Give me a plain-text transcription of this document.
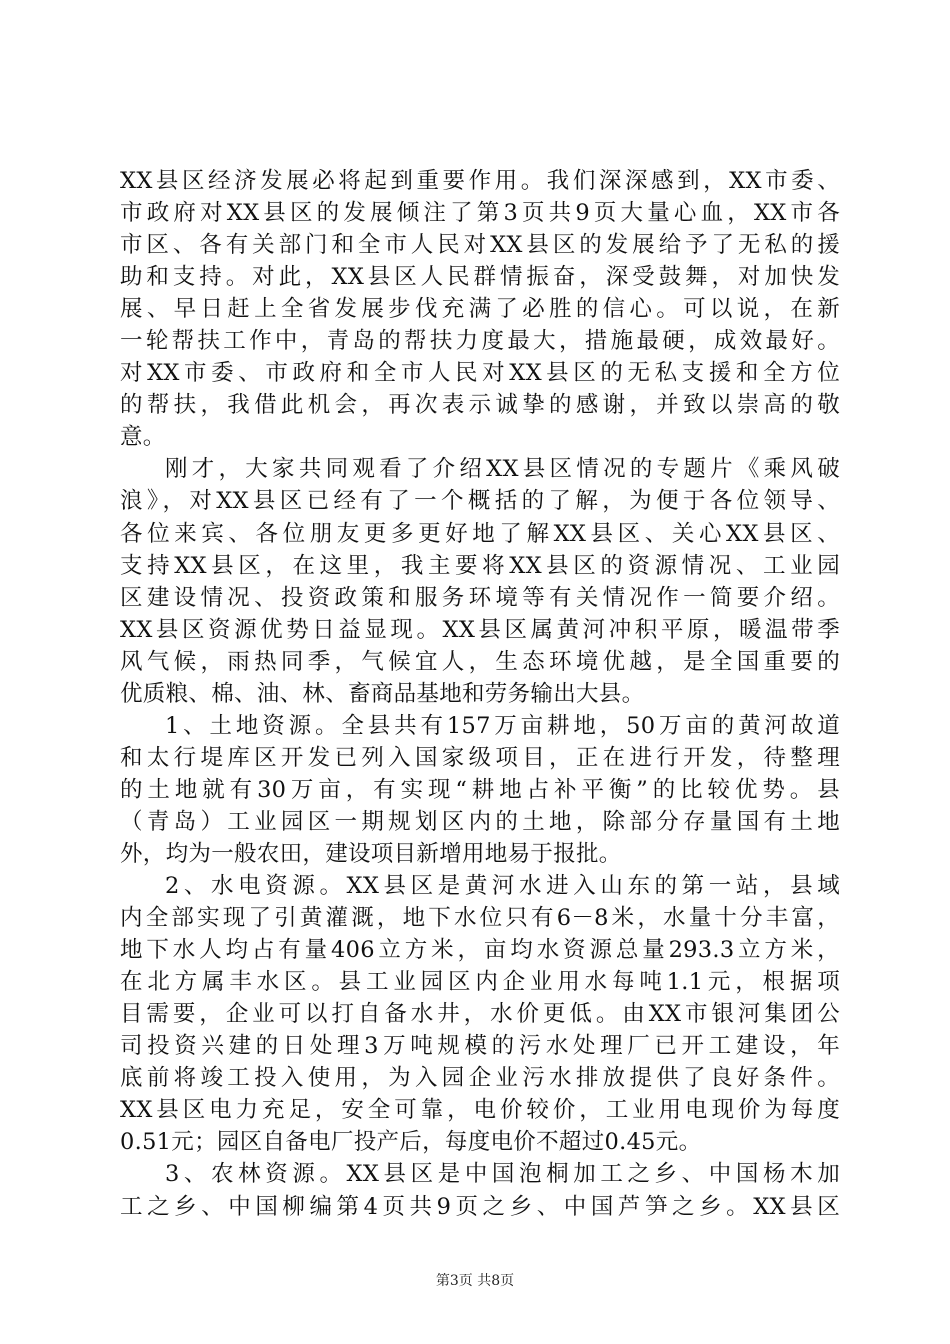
XX县区经济发展必将起到重要作用。我们深深感到，XX市委、
市政府对XX县区的发展倾注了第3页共9页大量心血，XX市各
市区、各有关部门和全市人民对XX县区的发展给予了无私的援
助和支持。对此，XX县区人民群情振奋，深受鼓舞，对加快发
展、早日赶上全省发展步伐充满了必胜的信心。可以说，在新
一轮帮扶工作中，青岛的帮扶力度最大，措施最硬，成效最好。
对XX市委、市政府和全市人民对XX县区的无私支援和全方位
的帮扶，我借此机会，再次表示诚挚的感谢，并致以崇高的敬
意。
刚才，大家共同观看了介绍XX县区情况的专题片《乘风破
浪》，对XX县区已经有了一个概括的了解，为便于各位领导、
各位来宾、各位朋友更多更好地了解XX县区、关心XX县区、
支持XX县区，在这里，我主要将XX县区的资源情况、工业园
区建设情况、投资政策和服务环境等有关情况作一简要介绍。
XX县区资源优势日益显现。XX县区属黄河冲积平原，暖温带季
风气候，雨热同季，气候宜人，生态环境优越，是全国重要的
优质粮、棉、油、林、畜商品基地和劳务输出大县。
1、土地资源。全县共有157万亩耕地，50万亩的黄河故道
和太行堤库区开发已列入国家级项目，正在进行开发，待整理
的土地就有30万亩，有实现“耕地占补平衡”的比较优势。县
（青岛）工业园区一期规划区内的土地，除部分存量国有土地
外，均为一般农田，建设项目新增用地易于报批。
2、水电资源。XX县区是黄河水进入山东的第一站，县域
内全部实现了引黄灌溉，地下水位只有6－8米，水量十分丰富，
地下水人均占有量406立方米，亩均水资源总量293.3立方米，
在北方属丰水区。县工业园区内企业用水每吨1.1元，根据项
目需要，企业可以打自备水井，水价更低。由XX市银河集团公
司投资兴建的日处理3万吨规模的污水处理厂已开工建设，年
底前将竣工投入使用，为入园企业污水排放提供了良好条件。
XX县区电力充足，安全可靠，电价较价，工业用电现价为每度
0.51元；园区自备电厂投产后，每度电价不超过0.45元。
3、农林资源。XX县区是中国泡桐加工之乡、中国杨木加
工之乡、中国柳编第4页共9页之乡、中国芦笋之乡。XX县区
第3页 共8页
